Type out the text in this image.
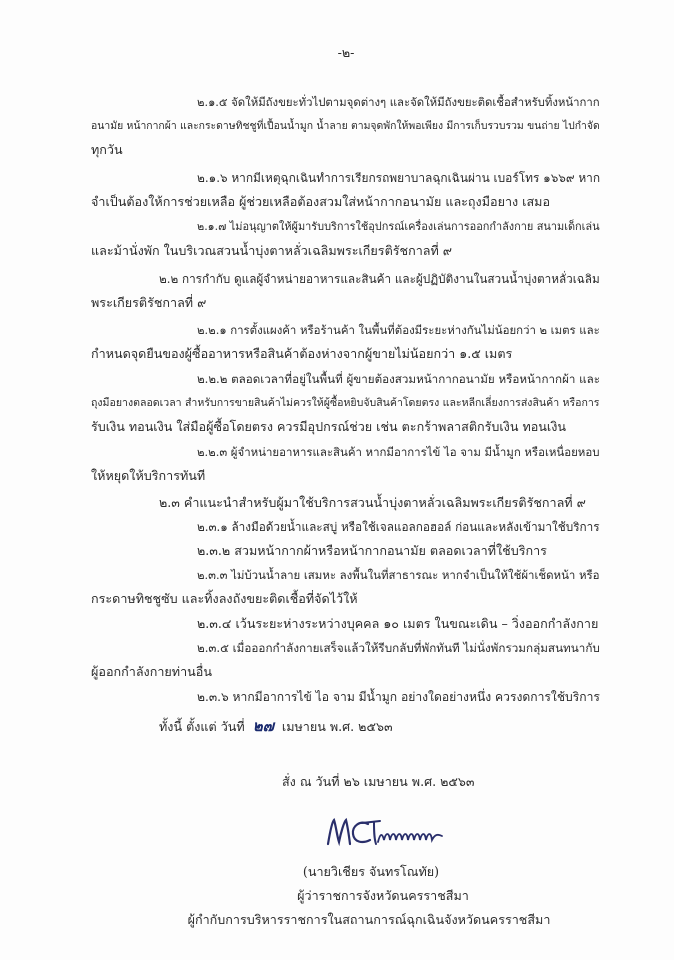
-๒-
๒.๑.๕ จัดให้มีถังขยะทั่วไปตามจุดต่างๆ และจัดให้มีถังขยะติดเชื้อสำหรับทิ้งหน้ากาก
อนามัย หน้ากากผ้า และกระดาษทิชชูที่เปื้อนน้ำมูก น้ำลาย ตามจุดพักให้พอเพียง มีการเก็บรวบรวม ขนถ่าย ไปกำจัด
ทุกวัน
๒.๑.๖ หากมีเหตุฉุกเฉินทำการเรียกรถพยาบาลฉุกเฉินผ่าน เบอร์โทร ๑๖๖๙ หาก
จำเป็นต้องให้การช่วยเหลือ ผู้ช่วยเหลือต้องสวมใส่หน้ากากอนามัย และถุงมือยาง เสมอ
๒.๑.๗ ไม่อนุญาตให้ผู้มารับบริการใช้อุปกรณ์เครื่องเล่นการออกกำลังกาย สนามเด็กเล่น
และม้านั่งพัก ในบริเวณสวนน้ำบุ่งตาหลั่วเฉลิมพระเกียรติรัชกาลที่ ๙
๒.๒ การกำกับ ดูแลผู้จำหน่ายอาหารและสินค้า และผู้ปฏิบัติงานในสวนน้ำบุ่งตาหลั่วเฉลิม
พระเกียรติรัชกาลที่ ๙
๒.๒.๑ การตั้งแผงค้า หรือร้านค้า ในพื้นที่ต้องมีระยะห่างกันไม่น้อยกว่า ๒ เมตร และ
กำหนดจุดยืนของผู้ซื้ออาหารหรือสินค้าต้องห่างจากผู้ขายไม่น้อยกว่า ๑.๕ เมตร
๒.๒.๒ ตลอดเวลาที่อยู่ในพื้นที่ ผู้ขายต้องสวมหน้ากากอนามัย หรือหน้ากากผ้า และ
ถุงมือยางตลอดเวลา สำหรับการขายสินค้าไม่ควรให้ผู้ซื้อหยิบจับสินค้าโดยตรง และหลีกเลี่ยงการส่งสินค้า หรือการ
รับเงิน ทอนเงิน ใส่มือผู้ซื้อโดยตรง ควรมีอุปกรณ์ช่วย เช่น ตะกร้าพลาสติกรับเงิน ทอนเงิน
๒.๒.๓ ผู้จำหน่ายอาหารและสินค้า หากมีอาการไข้ ไอ จาม มีน้ำมูก หรือเหนื่อยหอบ
ให้หยุดให้บริการทันที
๒.๓ คำแนะนำสำหรับผู้มาใช้บริการสวนน้ำบุ่งตาหลั่วเฉลิมพระเกียรติรัชกาลที่ ๙
๒.๓.๑ ล้างมือด้วยน้ำและสบู่ หรือใช้เจลแอลกอฮอล์ ก่อนและหลังเข้ามาใช้บริการ
๒.๓.๒ สวมหน้ากากผ้าหรือหน้ากากอนามัย ตลอดเวลาที่ใช้บริการ
๒.๓.๓ ไม่บ้วนน้ำลาย เสมหะ ลงพื้นในที่สาธารณะ หากจำเป็นให้ใช้ผ้าเช็ดหน้า หรือ
กระดาษทิชชูซับ และทิ้งลงถังขยะติดเชื้อที่จัดไว้ให้
๒.๓.๔ เว้นระยะห่างระหว่างบุคคล ๑๐ เมตร ในขณะเดิน – วิ่งออกกำลังกาย
๒.๓.๕ เมื่อออกกำลังกายเสร็จแล้วให้รีบกลับที่พักทันที ไม่นั่งพักรวมกลุ่มสนทนากับ
ผู้ออกกำลังกายท่านอื่น
๒.๓.๖ หากมีอาการไข้ ไอ จาม มีน้ำมูก อย่างใดอย่างหนึ่ง ควรงดการใช้บริการ
ทั้งนี้ ตั้งแต่ วันที่ ๒๗ เมษายน พ.ศ. ๒๕๖๓
สั่ง ณ วันที่ ๒๖ เมษายน พ.ศ. ๒๕๖๓
(นายวิเชียร จันทรโณทัย)
ผู้ว่าราชการจังหวัดนครราชสีมา
ผู้กำกับการบริหารราชการในสถานการณ์ฉุกเฉินจังหวัดนครราชสีมา
